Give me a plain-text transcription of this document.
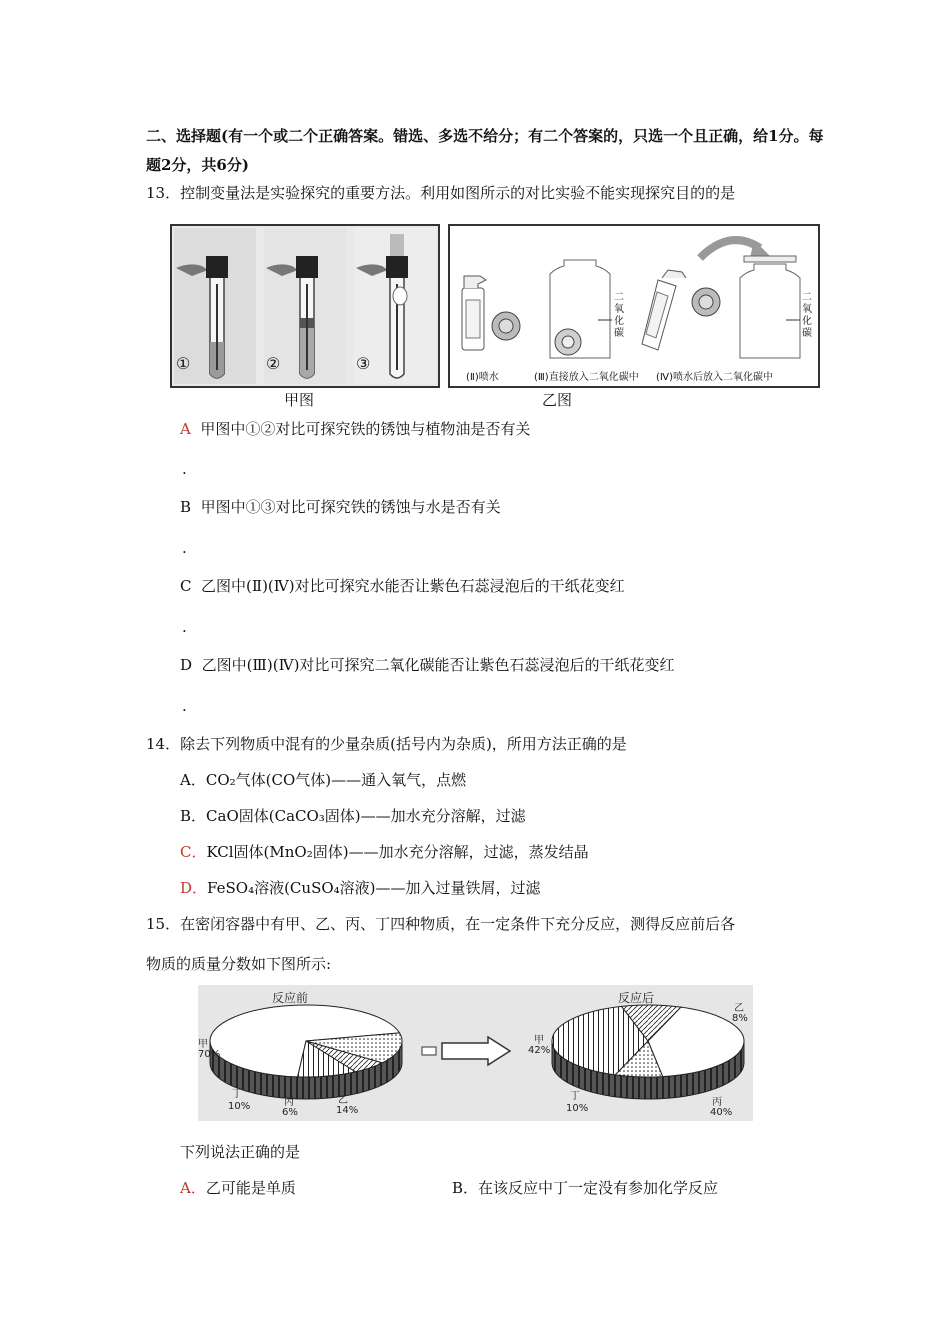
二、选择题(有一个或二个正确答案。错选、多选不给分；有二个答案的，只选一个且正确，给1分。每题2分，共6分)
13．控制变量法是实验探究的重要方法。利用如图所示的对比实验不能实现探究目的的是
①	②	③
甲图
二氧化碳
二氧化碳
(Ⅱ)喷水	(Ⅲ)直接放入二氧化碳中 (Ⅳ)喷水后放入二氧化碳中
乙图
A 甲图中①②对比可探究铁的锈蚀与植物油是否有关
.
B 甲图中①③对比可探究铁的锈蚀与水是否有关
.
C 乙图中(Ⅱ)(Ⅳ)对比可探究水能否让紫色石蕊浸泡后的干纸花变红
.
D 乙图中(Ⅲ)(Ⅳ)对比可探究二氧化碳能否让紫色石蕊浸泡后的干纸花变红
.
14．除去下列物质中混有的少量杂质(括号内为杂质)，所用方法正确的是
A．CO₂气体(CO气体)——通入氧气，点燃
B．CaO固体(CaCO₃固体)——加水充分溶解，过滤
C．KCl固体(MnO₂固体)——加水充分溶解，过滤，蒸发结晶
D．FeSO₄溶液(CuSO₄溶液)——加入过量铁屑，过滤
15．在密闭容器中有甲、乙、丙、丁四种物质，在一定条件下充分反应，测得反应前后各
物质的质量分数如下图所示:
反应前	反应后
甲
70%
丁
10%	丙
6%
乙
14%
甲
42%
乙
8%
丁
10%
丙
40%
下列说法正确的是
A．乙可能是单质	B．在该反应中丁一定没有参加化学反应
